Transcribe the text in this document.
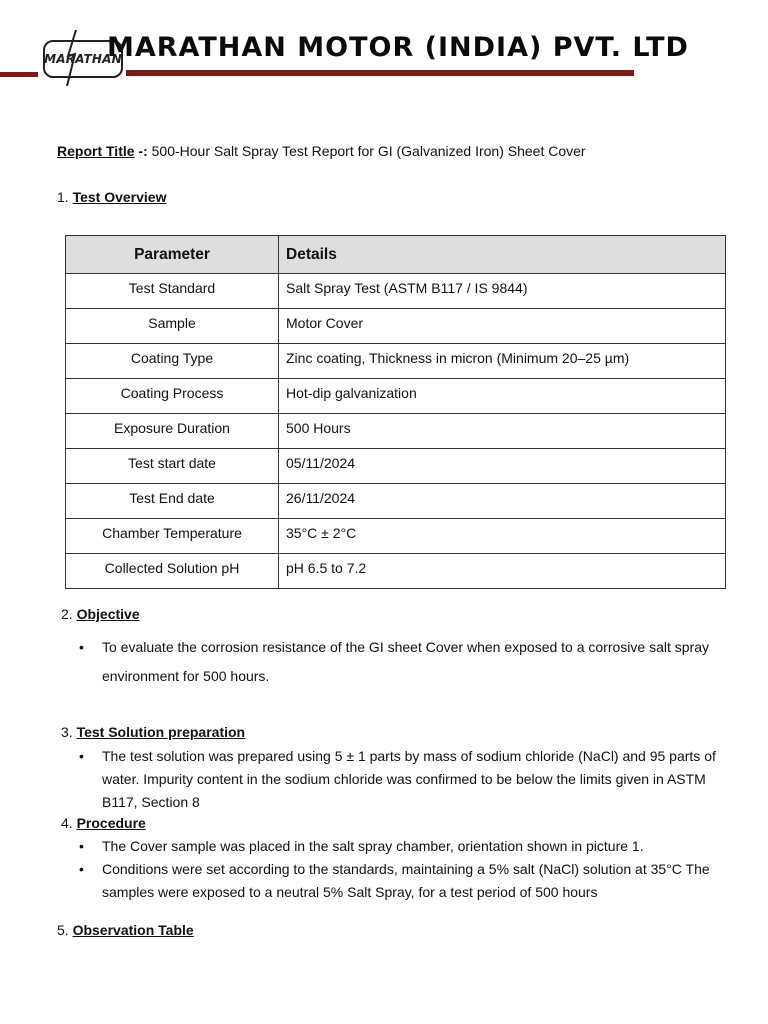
MARATHAN
MARATHAN MOTOR (INDIA) PVT. LTD
Report Title -: 500-Hour Salt Spray Test Report for GI (Galvanized Iron) Sheet Cover
1. Test Overview
Parameter	Details
Test Standard	Salt Spray Test (ASTM B117 / IS 9844)
Sample	Motor Cover
Coating Type	Zinc coating, Thickness in micron (Minimum 20–25 µm)
Coating Process	Hot-dip galvanization
Exposure Duration	500 Hours
Test start date	05/11/2024
Test End date	26/11/2024
Chamber Temperature	35°C ± 2°C
Collected Solution pH	pH 6.5 to 7.2
2. Objective
• To evaluate the corrosion resistance of the GI sheet Cover when exposed to a corrosive salt spray environment for 500 hours.
3. Test Solution preparation
• The test solution was prepared using 5 ± 1 parts by mass of sodium chloride (NaCl) and 95 parts of water. Impurity content in the sodium chloride was confirmed to be below the limits given in ASTM B117, Section 8
4. Procedure
• The Cover sample was placed in the salt spray chamber, orientation shown in picture 1.
• Conditions were set according to the standards, maintaining a 5% salt (NaCl) solution at 35°C The samples were exposed to a neutral 5% Salt Spray, for a test period of 500 hours
5. Observation Table
